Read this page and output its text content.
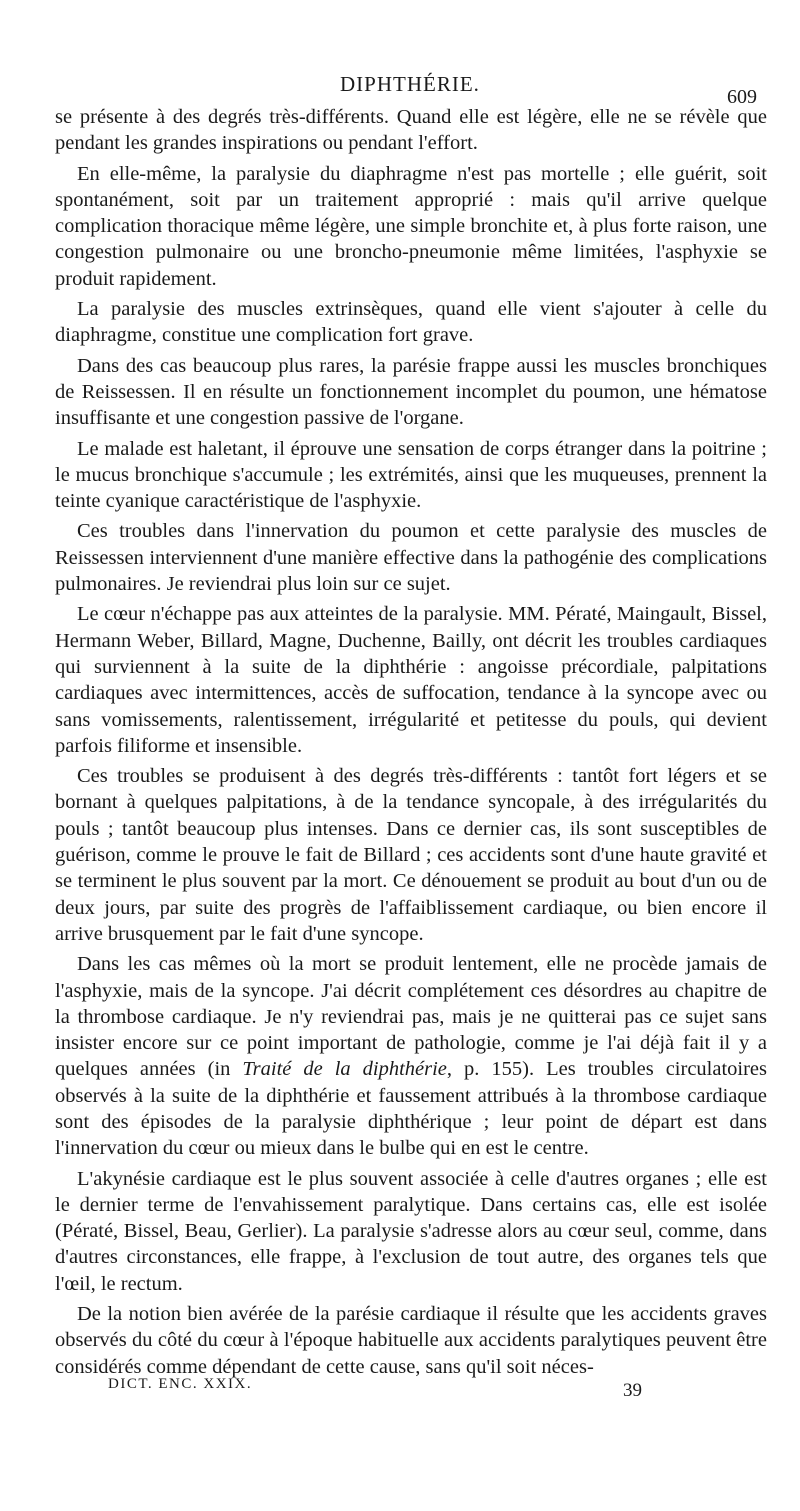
DIPHTHÉRIE.
609

se présente à des degrés très-différents. Quand elle est légère, elle ne se révèle que pendant les grandes inspirations ou pendant l'effort.

En elle-même, la paralysie du diaphragme n'est pas mortelle ; elle guérit, soit spontanément, soit par un traitement approprié : mais qu'il arrive quelque complication thoracique même légère, une simple bronchite et, à plus forte raison, une congestion pulmonaire ou une broncho-pneumonie même limitées, l'asphyxie se produit rapidement.

La paralysie des muscles extrinsèques, quand elle vient s'ajouter à celle du diaphragme, constitue une complication fort grave.

Dans des cas beaucoup plus rares, la parésie frappe aussi les muscles bronchiques de Reissessen. Il en résulte un fonctionnement incomplet du poumon, une hématose insuffisante et une congestion passive de l'organe.

Le malade est haletant, il éprouve une sensation de corps étranger dans la poitrine ; le mucus bronchique s'accumule ; les extrémités, ainsi que les muqueuses, prennent la teinte cyanique caractéristique de l'asphyxie.

Ces troubles dans l'innervation du poumon et cette paralysie des muscles de Reissessen interviennent d'une manière effective dans la pathogénie des complications pulmonaires. Je reviendrai plus loin sur ce sujet.

Le cœur n'échappe pas aux atteintes de la paralysie. MM. Pératé, Maingault, Bissel, Hermann Weber, Billard, Magne, Duchenne, Bailly, ont décrit les troubles cardiaques qui surviennent à la suite de la diphthérie : angoisse précordiale, palpitations cardiaques avec intermittences, accès de suffocation, tendance à la syncope avec ou sans vomissements, ralentissement, irrégularité et petitesse du pouls, qui devient parfois filiforme et insensible.

Ces troubles se produisent à des degrés très-différents : tantôt fort légers et se bornant à quelques palpitations, à de la tendance syncopale, à des irrégularités du pouls ; tantôt beaucoup plus intenses. Dans ce dernier cas, ils sont susceptibles de guérison, comme le prouve le fait de Billard ; ces accidents sont d'une haute gravité et se terminent le plus souvent par la mort. Ce dénouement se produit au bout d'un ou de deux jours, par suite des progrès de l'affaiblissement cardiaque, ou bien encore il arrive brusquement par le fait d'une syncope.

Dans les cas mêmes où la mort se produit lentement, elle ne procède jamais de l'asphyxie, mais de la syncope. J'ai décrit complétement ces désordres au chapitre de la thrombose cardiaque. Je n'y reviendrai pas, mais je ne quitterai pas ce sujet sans insister encore sur ce point important de pathologie, comme je l'ai déjà fait il y a quelques années (in Traité de la diphthérie, p. 155). Les troubles circulatoires observés à la suite de la diphthérie et faussement attribués à la thrombose cardiaque sont des épisodes de la paralysie diphthérique ; leur point de départ est dans l'innervation du cœur ou mieux dans le bulbe qui en est le centre.

L'akynésie cardiaque est le plus souvent associée à celle d'autres organes ; elle est le dernier terme de l'envahissement paralytique. Dans certains cas, elle est isolée (Pératé, Bissel, Beau, Gerlier). La paralysie s'adresse alors au cœur seul, comme, dans d'autres circonstances, elle frappe, à l'exclusion de tout autre, des organes tels que l'œil, le rectum.

De la notion bien avérée de la parésie cardiaque il résulte que les accidents graves observés du côté du cœur à l'époque habituelle aux accidents paralytiques peuvent être considérés comme dépendant de cette cause, sans qu'il soit néces-

DICT. ENC. XXIX.	39
